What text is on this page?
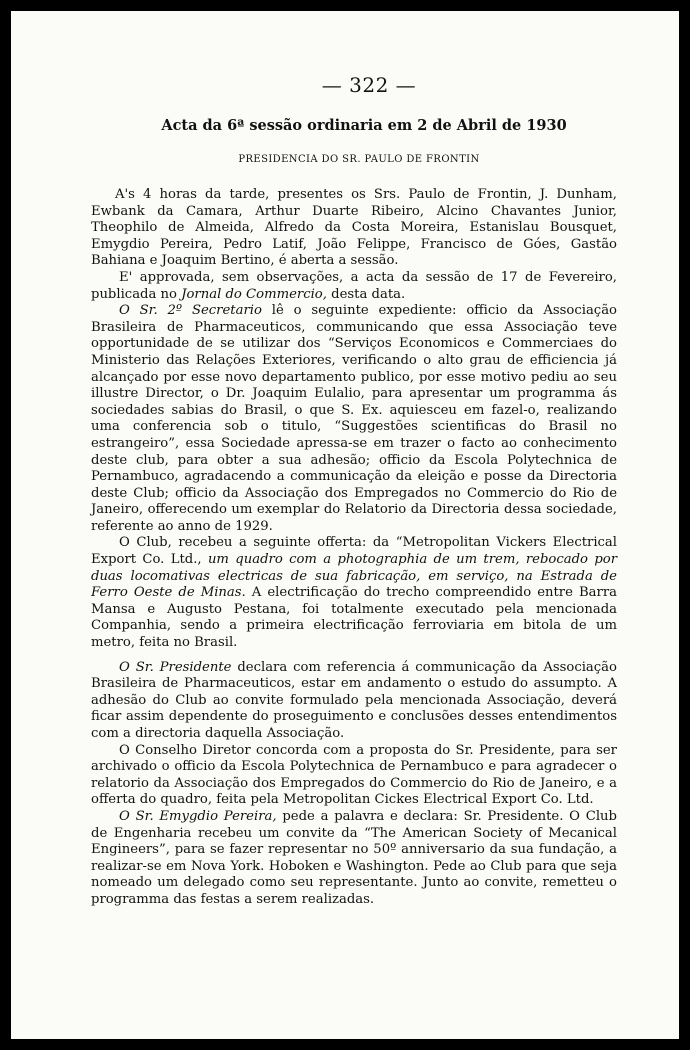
— 322 —
Acta da 6ª sessão ordinaria em 2 de Abril de 1930
PRESIDENCIA DO SR. PAULO DE FRONTIN

A's 4 horas da tarde, presentes os Srs. Paulo de Frontin, J. Dunham, Ewbank da Camara, Arthur Duarte Ribeiro, Alcino Chavantes Junior, Theophilo de Almeida, Alfredo da Costa Moreira, Estanislau Bousquet, Emygdio Pereira, Pedro Latif, João Felippe, Francisco de Góes, Gastão Bahiana e Joaquim Bertino, é aberta a sessão.

E' approvada, sem observações, a acta da sessão de 17 de Fevereiro, publicada no Jornal do Commercio, desta data.

O Sr. 2º Secretario lê o seguinte expediente: officio da Associação Brasileira de Pharmaceuticos, communicando que essa Associação teve opportunidade de se utilizar dos “Serviços Economicos e Commerciaes do Ministerio das Relações Exteriores, verificando o alto grau de efficiencia já alcançado por esse novo departamento publico, por esse motivo pediu ao seu illustre Director, o Dr. Joaquim Eulalio, para apresentar um programma ás sociedades sabias do Brasil, o que S. Ex. aquiesceu em fazel-o, realizando uma conferencia sob o titulo, “Suggestões scientificas do Brasil no estrangeiro”, essa Sociedade apressa-se em trazer o facto ao conhecimento deste club, para obter a sua adhesão; officio da Escola Polytechnica de Pernambuco, agradacendo a communicação da eleição e posse da Directoria deste Club; officio da Associação dos Empregados no Commercio do Rio de Janeiro, offerecendo um exemplar do Relatorio da Directoria dessa sociedade, referente ao anno de 1929.

O Club, recebeu a seguinte offerta: da “Metropolitan Vickers Electrical Export Co. Ltd., um quadro com a photographia de um trem, rebocado por duas locomativas electricas de sua fabricação, em serviço, na Estrada de Ferro Oeste de Minas. A electrificação do trecho compreendido entre Barra Mansa e Augusto Pestana, foi totalmente executado pela mencionada Companhia, sendo a primeira electrificação ferroviaria em bitola de um metro, feita no Brasil.

O Sr. Presidente declara com referencia á communicação da Associação Brasileira de Pharmaceuticos, estar em andamento o estudo do assumpto. A adhesão do Club ao convite formulado pela mencionada Associação, deverá ficar assim dependente do proseguimento e conclusões desses entendimentos com a directoria daquella Associação.

O Conselho Diretor concorda com a proposta do Sr. Presidente, para ser archivado o officio da Escola Polytechnica de Pernambuco e para agradecer o relatorio da Associação dos Empregados do Commercio do Rio de Janeiro, e a offerta do quadro, feita pela Metropolitan Cickes Electrical Export Co. Ltd.

O Sr. Emygdio Pereira, pede a palavra e declara: Sr. Presidente. O Club de Engenharia recebeu um convite da “The American Society of Mecanical Engineers”, para se fazer representar no 50º anniversario da sua fundação, a realizar-se em Nova York. Hoboken e Washington. Pede ao Club para que seja nomeado um delegado como seu representante. Junto ao convite, remetteu o programma das festas a serem realizadas.
